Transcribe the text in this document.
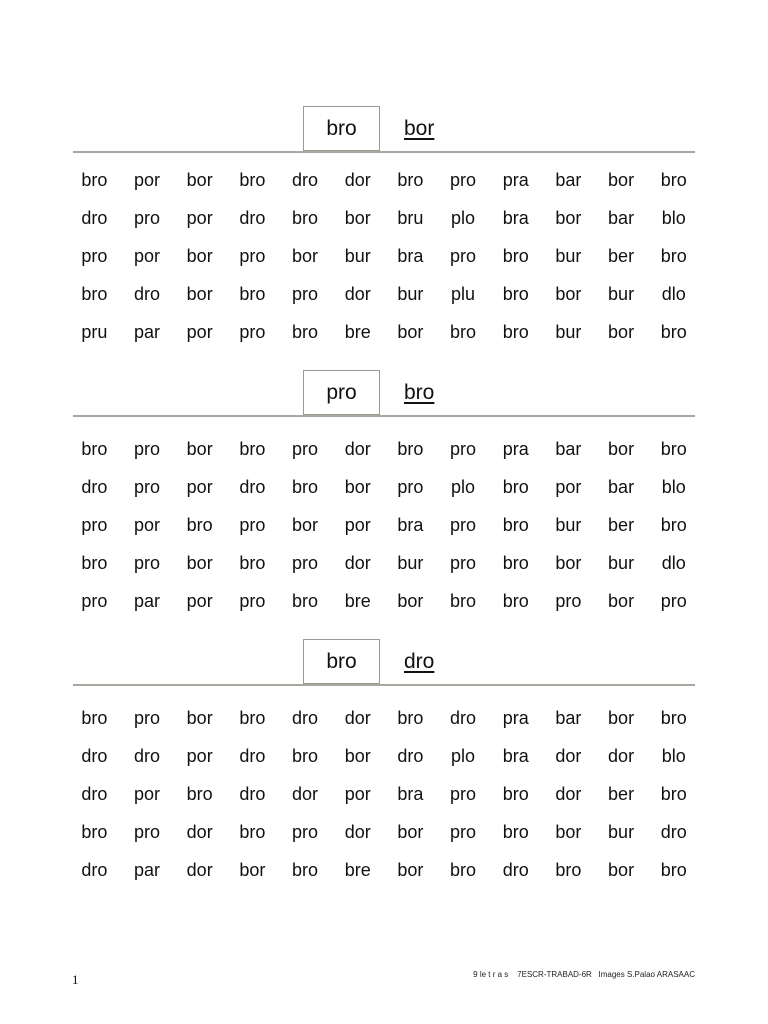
bro bor
bro	por	bor	bro	dro	dor	bro	pro	pra	bar	bor	bro
dro	pro	por	dro	bro	bor	bru	plo	bra	bor	bar	blo
pro	por	bor	pro	bor	bur	bra	pro	bro	bur	ber	bro
bro	dro	bor	bro	pro	dor	bur	plu	bro	bor	bur	dlo
pru	par	por	pro	bro	bre	bor	bro	bro	bur	bor	bro
pro bro
bro	pro	bor	bro	pro	dor	bro	pro	pra	bar	bor	bro
dro	pro	por	dro	bro	bor	pro	plo	bro	por	bar	blo
pro	por	bro	pro	bor	por	bra	pro	bro	bur	ber	bro
bro	pro	bor	bro	pro	dor	bur	pro	bro	bor	bur	dlo
pro	par	por	pro	bro	bre	bor	bro	bro	pro	bor	pro
bro dro
bro	pro	bor	bro	dro	dor	bro	dro	pra	bar	bor	bro
dro	dro	por	dro	bro	bor	dro	plo	bra	dor	dor	blo
dro	por	bro	dro	dor	por	bra	pro	bro	dor	ber	bro
bro	pro	dor	bro	pro	dor	bor	pro	bro	bor	bur	dro
dro	par	dor	bor	bro	bre	bor	bro	dro	bro	bor	bro
1	9 le t r a s    7ESCR-TRABAD-6R   Images S.Palao ARASAAC
